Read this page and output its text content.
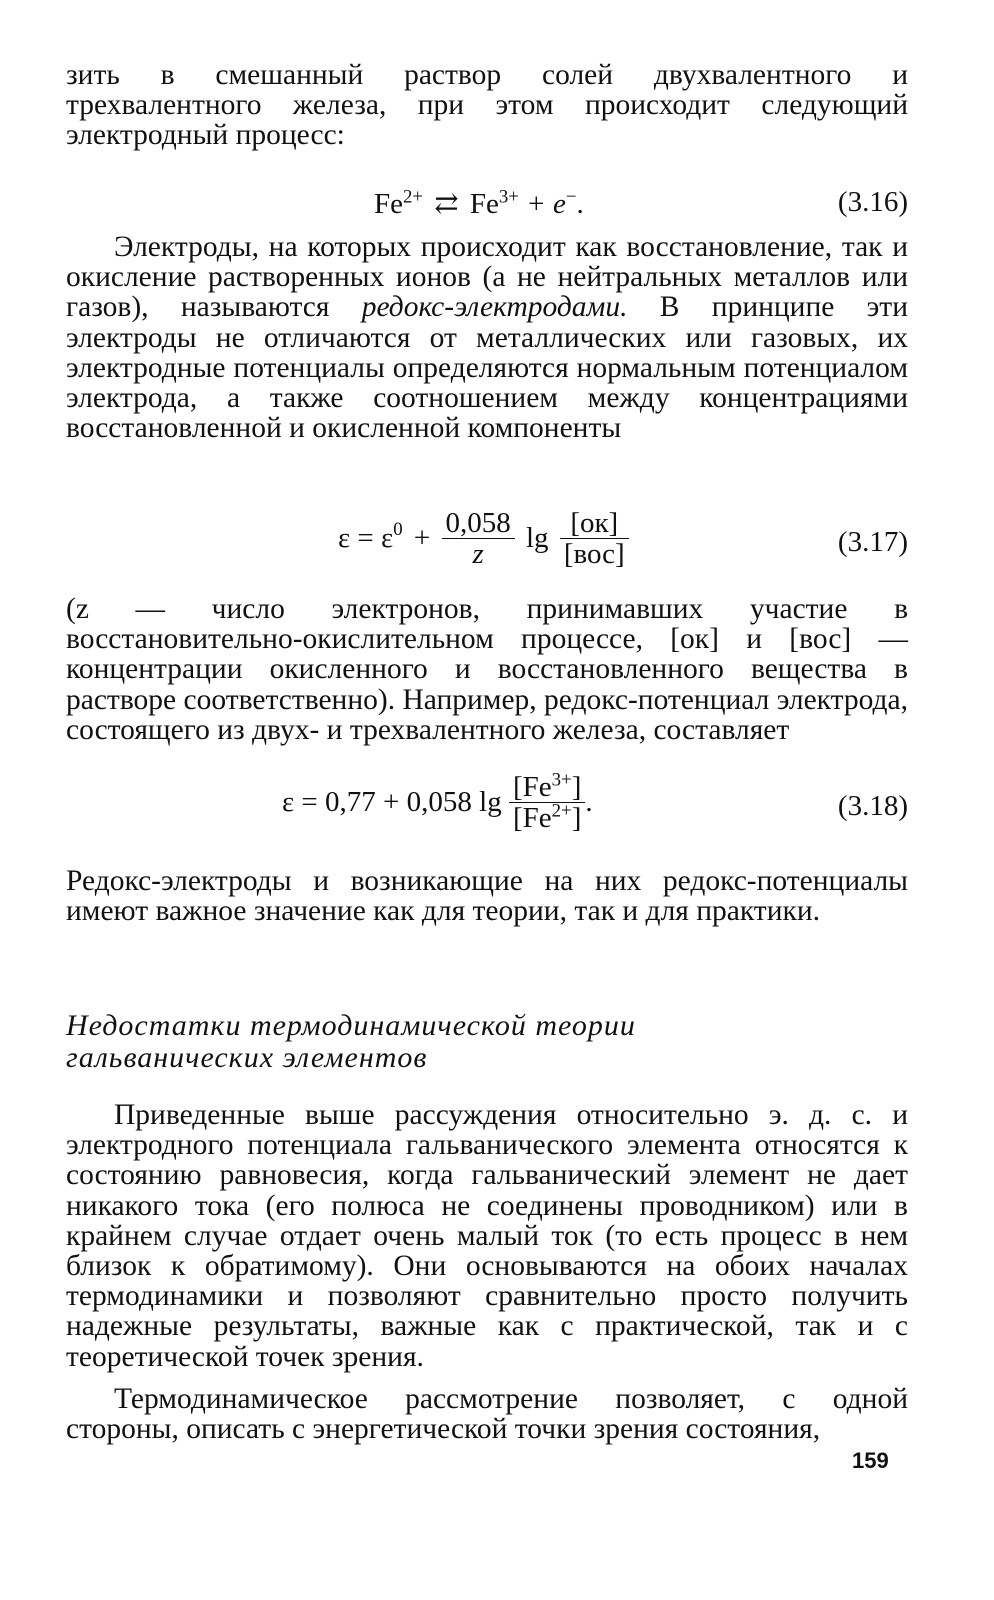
зить в смешанный раствор солей двухвалентного и трехвалентного железа, при этом происходит следующий электродный процесс:

$Fe^{2+}$ ⇄ $Fe^{3+} + e^-$.	(3.16)

Электроды, на которых происходит как восстановление, так и окисление растворенных ионов (а не нейтральных металлов или газов), называются редокс-электродами. В принципе эти электроды не отличаются от металлических или газовых, их электродные потенциалы определяются нормальным потенциалом электрода, а также соотношением между концентрациями восстановленной и окисленной компоненты

$\varepsilon = \varepsilon^0 + \frac{0,058}{z}$ $\lg \frac{[ок]}{\text{[вос]}}$	(3.17)

(z — число электронов, принимавших участие в восстановительно-окислительном процессе, [ок] и [вос] — концентрации окисленного и восстановленного вещества в растворе соответственно). Например, редокс-потенциал электрода, состоящего из двух- и трехвалентного железа, составляет

ε = 0,77 + 0,058 $\lg \frac{[Fe^{3+}]}{[Fe^{2+}]}$ .	(3.18)

Редокс-электроды и возникающие на них редокс-потенциалы имеют важное значение как для теории, так и для практики.

Недостатки термодинамической теории
гальванических элементов

Приведенные выше рассуждения относительно э. д. с. и электродного потенциала гальванического элемента относятся к состоянию равновесия, когда гальванический элемент не дает никакого тока (его полюса не соединены проводником) или в крайнем случае отдает очень малый ток (то есть процесс в нем близок к обратимому). Они основываются на обоих началах термодинамики и позволяют сравнительно просто получить надежные результаты, важные как с практической, так и с теоретической точек зрения.

Термодинамическое рассмотрение позволяет, с одной стороны, описать с энергетической точки зрения состояния,

159
